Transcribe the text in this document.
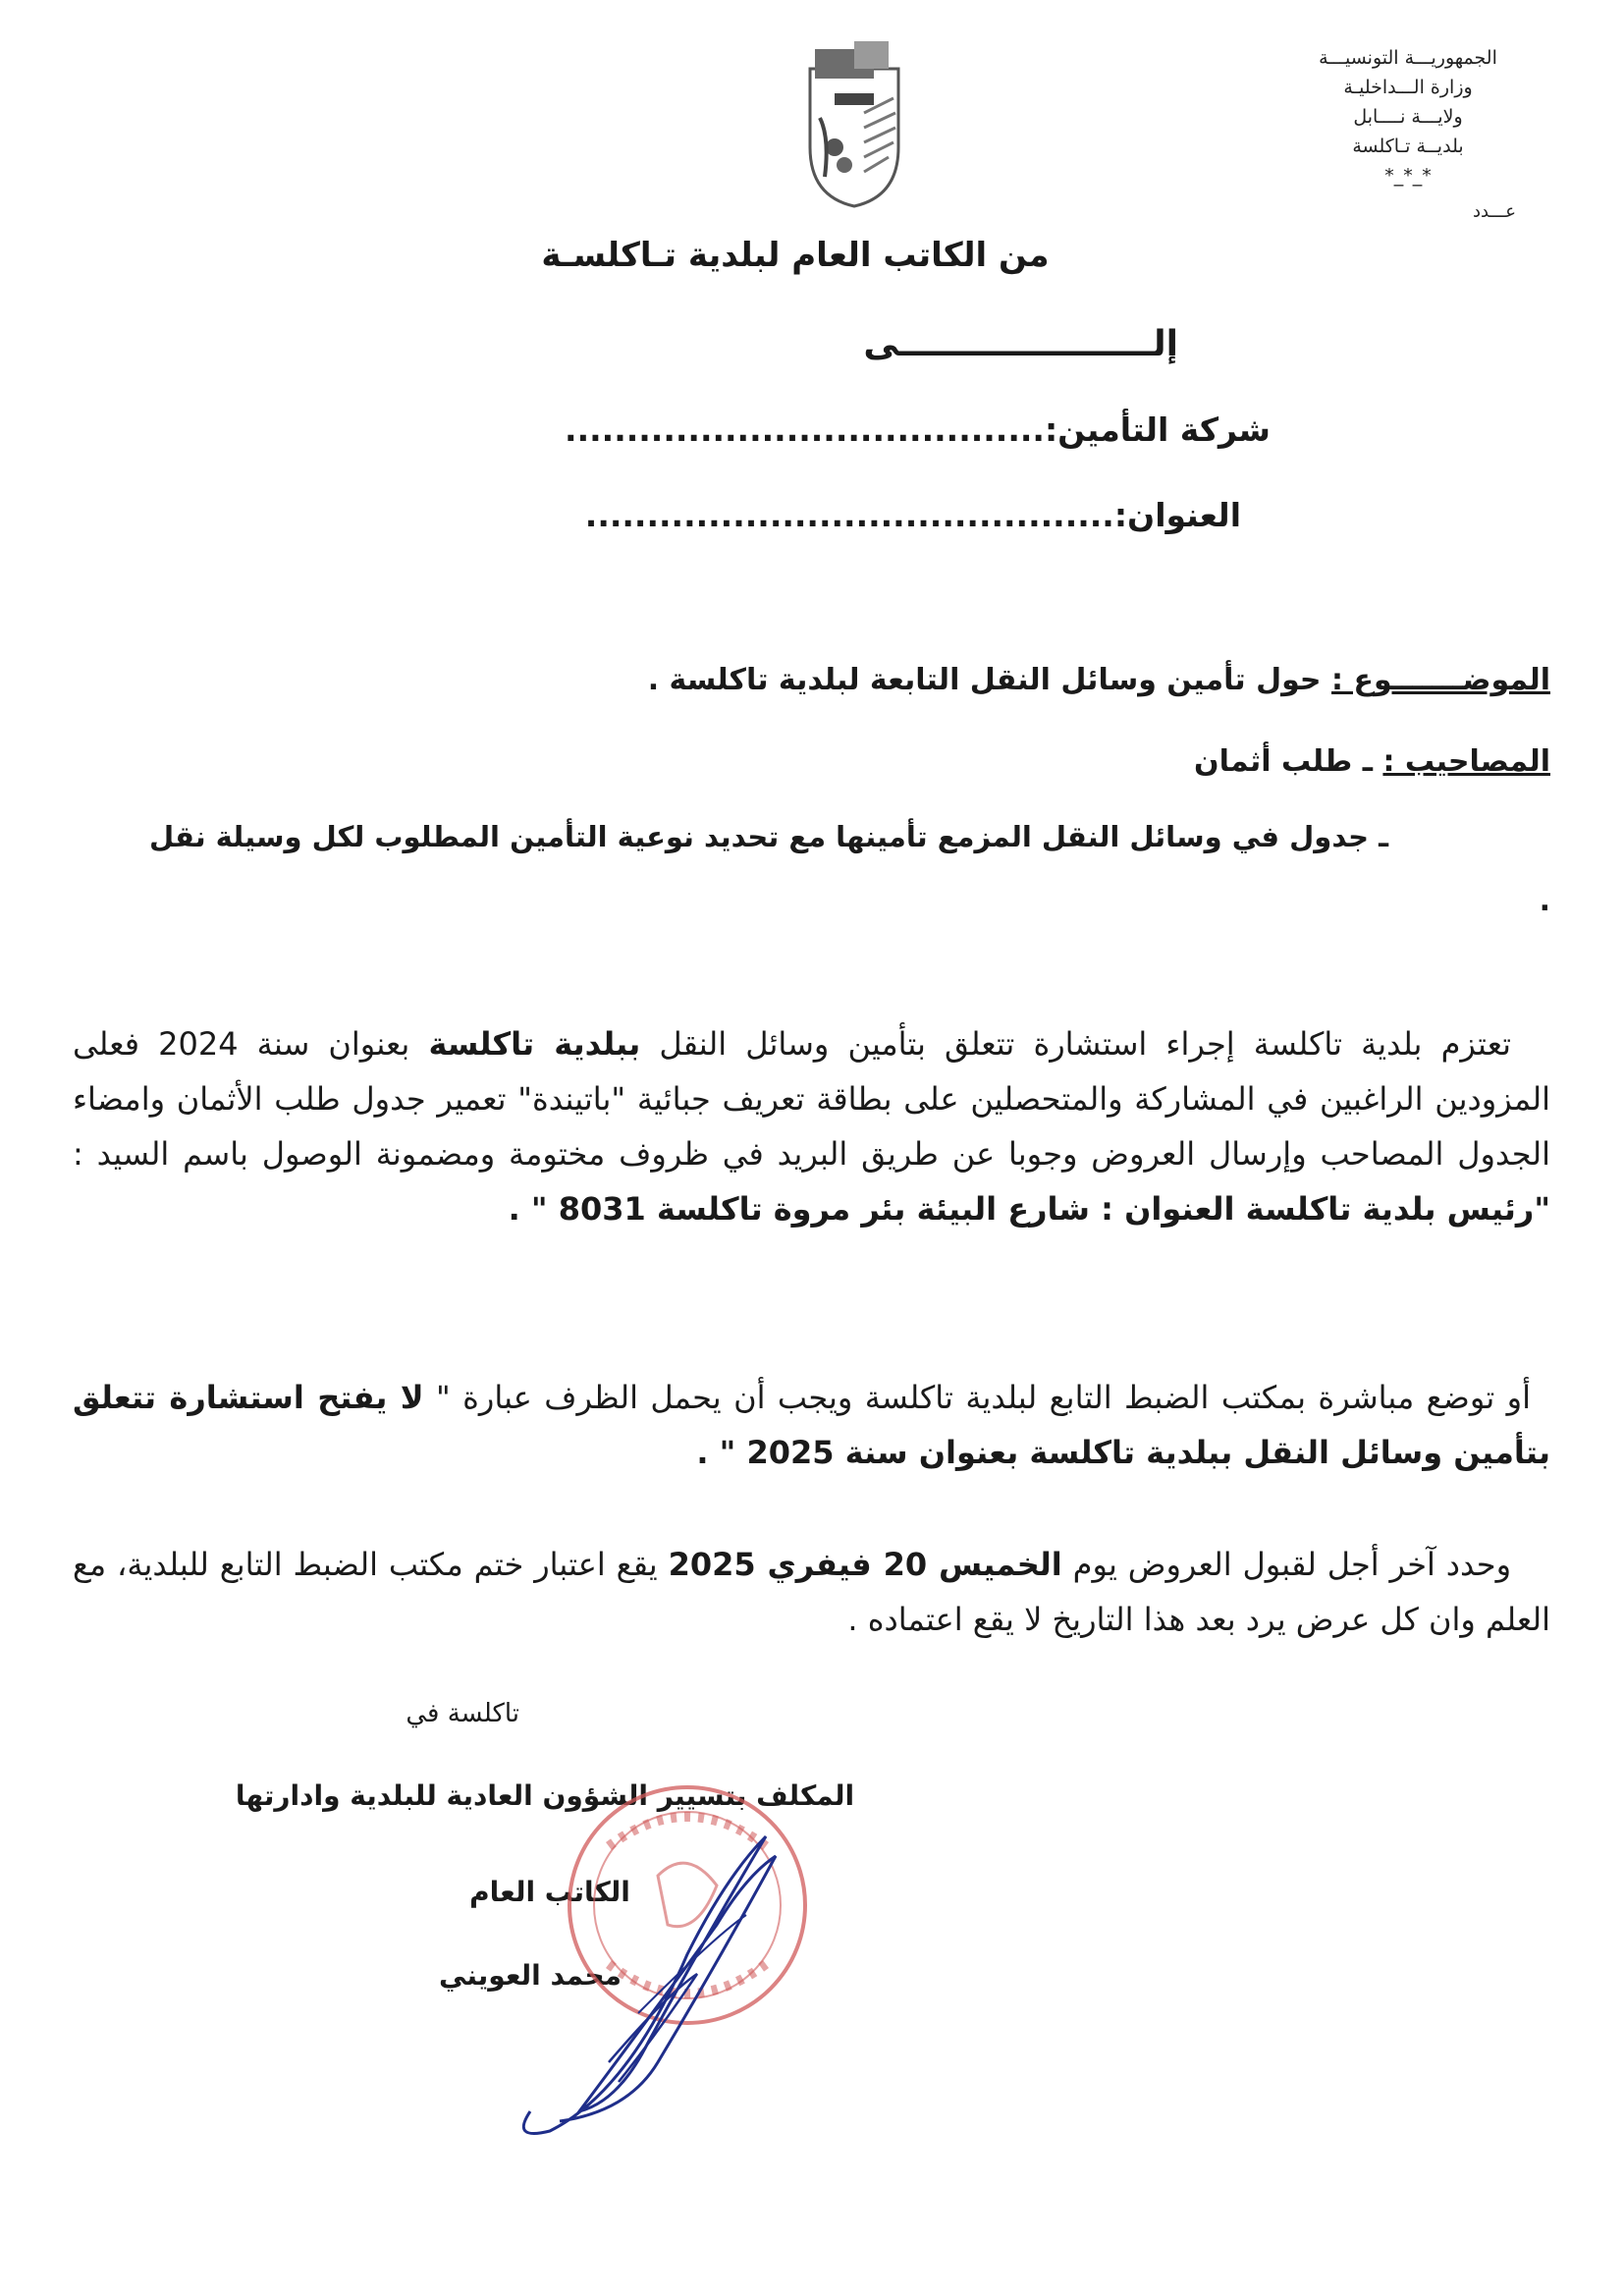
الجمهوريـــة التونسيـــة
وزارة الـــداخليـة
ولايـــة نــــابل
بلديــة تـاكلسة
*_*_*
عـــدد
من الكاتب العام لبلدية تـاكلسـة
إلـــــــــــــــــــــى
شركة التأمين:.......................................
العنوان:...........................................
الموضـــــــوع : حول تأمين وسائل النقل التابعة لبلدية تاكلسة .
المصاحيب : ـ طلب أثمان
ـ جدول في وسائل النقل المزمع تأمينها مع تحديد نوعية التأمين المطلوب لكل وسيلة نقل
.
تعتزم بلدية تاكلسة إجراء استشارة تتعلق بتأمين وسائل النقل ببلدية تاكلسة بعنوان سنة 2024 فعلى المزودين الراغبين في المشاركة والمتحصلين على بطاقة تعريف جبائية "باتيندة" تعمير جدول طلب الأثمان وامضاء الجدول المصاحب وإرسال العروض وجوبا عن طريق البريد في ظروف مختومة ومضمونة الوصول باسم السيد : "رئيس بلدية تاكلسة العنوان : شارع البيئة بئر مروة تاكلسة 8031 " .
أو توضع مباشرة بمكتب الضبط التابع لبلدية تاكلسة ويجب أن يحمل الظرف عبارة " لا يفتح استشارة تتعلق بتأمين وسائل النقل ببلدية تاكلسة بعنوان سنة 2025 " .
وحدد آخر أجل لقبول العروض يوم الخميس 20 فيفري 2025 يقع اعتبار ختم مكتب الضبط التابع للبلدية، مع العلم وان كل عرض يرد بعد هذا التاريخ لا يقع اعتماده .
تاكلسة في
المكلف بتسيير الشؤون العادية للبلدية وادارتها
الكاتب العام
محمد العويني
